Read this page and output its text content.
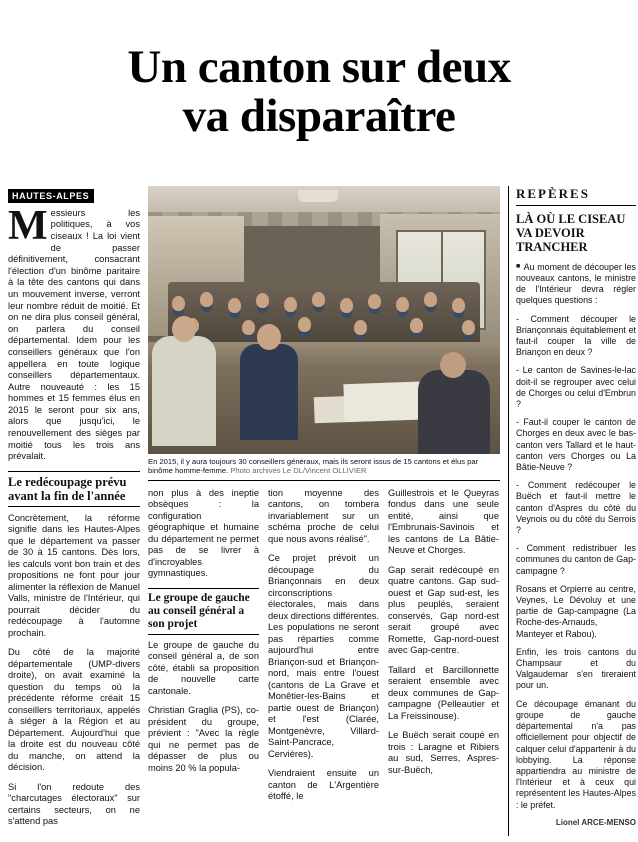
Un canton sur deux
va disparaître
HAUTES-ALPES
Messieurs les politiques, à vos ciseaux ! La loi vient de passer définitivement, consacrant l'élection d'un binôme paritaire à la tête des cantons qui dans un mouvement inverse, verront leur nombre réduit de moitié. Et on ne dira plus conseil général, on parlera du conseil départemental. Idem pour les conseillers généraux que l'on appellera en toute logique conseillers départementaux. Autre nouveauté : les 15 hommes et 15 femmes élus en 2015 le seront pour six ans, alors que jusqu'ici, le renouvellement des sièges par moitié tous les trois ans prévalait.
Le redécoupage prévu avant la fin de l'année

Concrètement, la réforme signifie dans les Hautes-Alpes que le département va passer de 30 à 15 cantons. Dès lors, les calculs vont bon train et des propositions ne font pour jour alimenter la réflexion de Manuel Valls, ministre de l'Intérieur, qui pourrait décider du redécoupage à l'automne prochain.

Du côté de la majorité départementale (UMP-divers droite), on avait examiné la question du temps où la précédente réforme créait 15 conseillers territoriaux, appelés à siéger à la Région et au Département. Aujourd'hui que la droite est du nouveau côté du manche, on attend la décision.

Si l'on redoute des "charcutages électoraux" sur certains secteurs, on ne s'attend pas

En 2015, il y aura toujours 30 conseillers généraux, mais ils seront issus de 15 cantons et élus par binôme homme-femme. Photo archives Le DL/Vincent OLLIVIER

non plus à des ineptie obsèques : la configuration géographique et humaine du département ne permet pas de se livrer à d'incroyables gymnastiques.

Le groupe de gauche au conseil général a son projet

Le groupe de gauche du conseil général a, de son côté, établi sa proposition de nouvelle carte cantonale.

Christian Graglia (PS), co-président du groupe, prévient : "Avec la règle qui ne permet pas de dépasser de plus ou moins 20 % la popula-

tion moyenne des cantons, on tombera invariablement sur un schéma proche de celui que nous avons réalisé".

Ce projet prévoit un découpage du Briançonnais en deux circonscriptions électorales, mais dans deux directions différentes. Les populations ne seront pas réparties comme aujourd'hui entre Briançon-sud et Briançon-nord, mais entre l'ouest (cantons de La Grave et Monêtier-les-Bains et partie ouest de Briançon) et l'est (Clarée, Montgenèvre, Villard-Saint-Pancrace, Cervières).

Viendraient ensuite un canton de L'Argentière étoffé, le

Guillestrois et le Queyras fondus dans une seule entité, ainsi que l'Embrunais-Savinois et les cantons de La Bâtie-Neuve et Chorges.

Gap serait redécoupé en quatre cantons. Gap sud-ouest et Gap sud-est, les plus peuplés, seraient conservés, Gap nord-est serait groupé avec Romette, Gap-nord-ouest avec Gap-centre.

Tallard et Barcillonnette seraient ensemble avec deux communes de Gap-campagne (Pelleautier et La Freissinouse).

Le Buëch serait coupé en trois : Laragne et Ribiers au sud, Serres, Aspres-sur-Buëch,

REPÈRES
LÀ OÙ LE CISEAU VA DEVOIR TRANCHER

■ Au moment de découper les nouveaux cantons, le ministre de l'Intérieur devra régler quelques questions :

- Comment découper le Briançonnais équitablement et faut-il couper la ville de Briançon en deux ?

- Le canton de Savines-le-lac doit-il se regrouper avec celui de Chorges ou celui d'Embrun ?

- Faut-il couper le canton de Chorges en deux avec le bas-canton vers Tallard et le haut-canton vers Chorges ou La Bâtie-Neuve ?

- Comment redécouper le Buëch et faut-il mettre le canton d'Aspres du côté du Veynois ou du côté du Serrois ?

- Comment redistribuer les communes du canton de Gap-campagne ?

Rosans et Orpierre au centre, Veynes, Le Dévoluy et une partie de Gap-campagne (La Roche-des-Arnauds, Manteyer et Rabou).

Enfin, les trois cantons du Champsaur et du Valgaudemar s'en tireraient pour un.

Ce découpage émanant du groupe de gauche départemental n'a pas officiellement pour objectif de calquer celui d'appartenir à du lobbying. La réponse appartiendra au ministre de l'Intérieur et à ceux qui représentent les Hautes-Alpes : le préfet.

Lionel ARCE-MENSO
